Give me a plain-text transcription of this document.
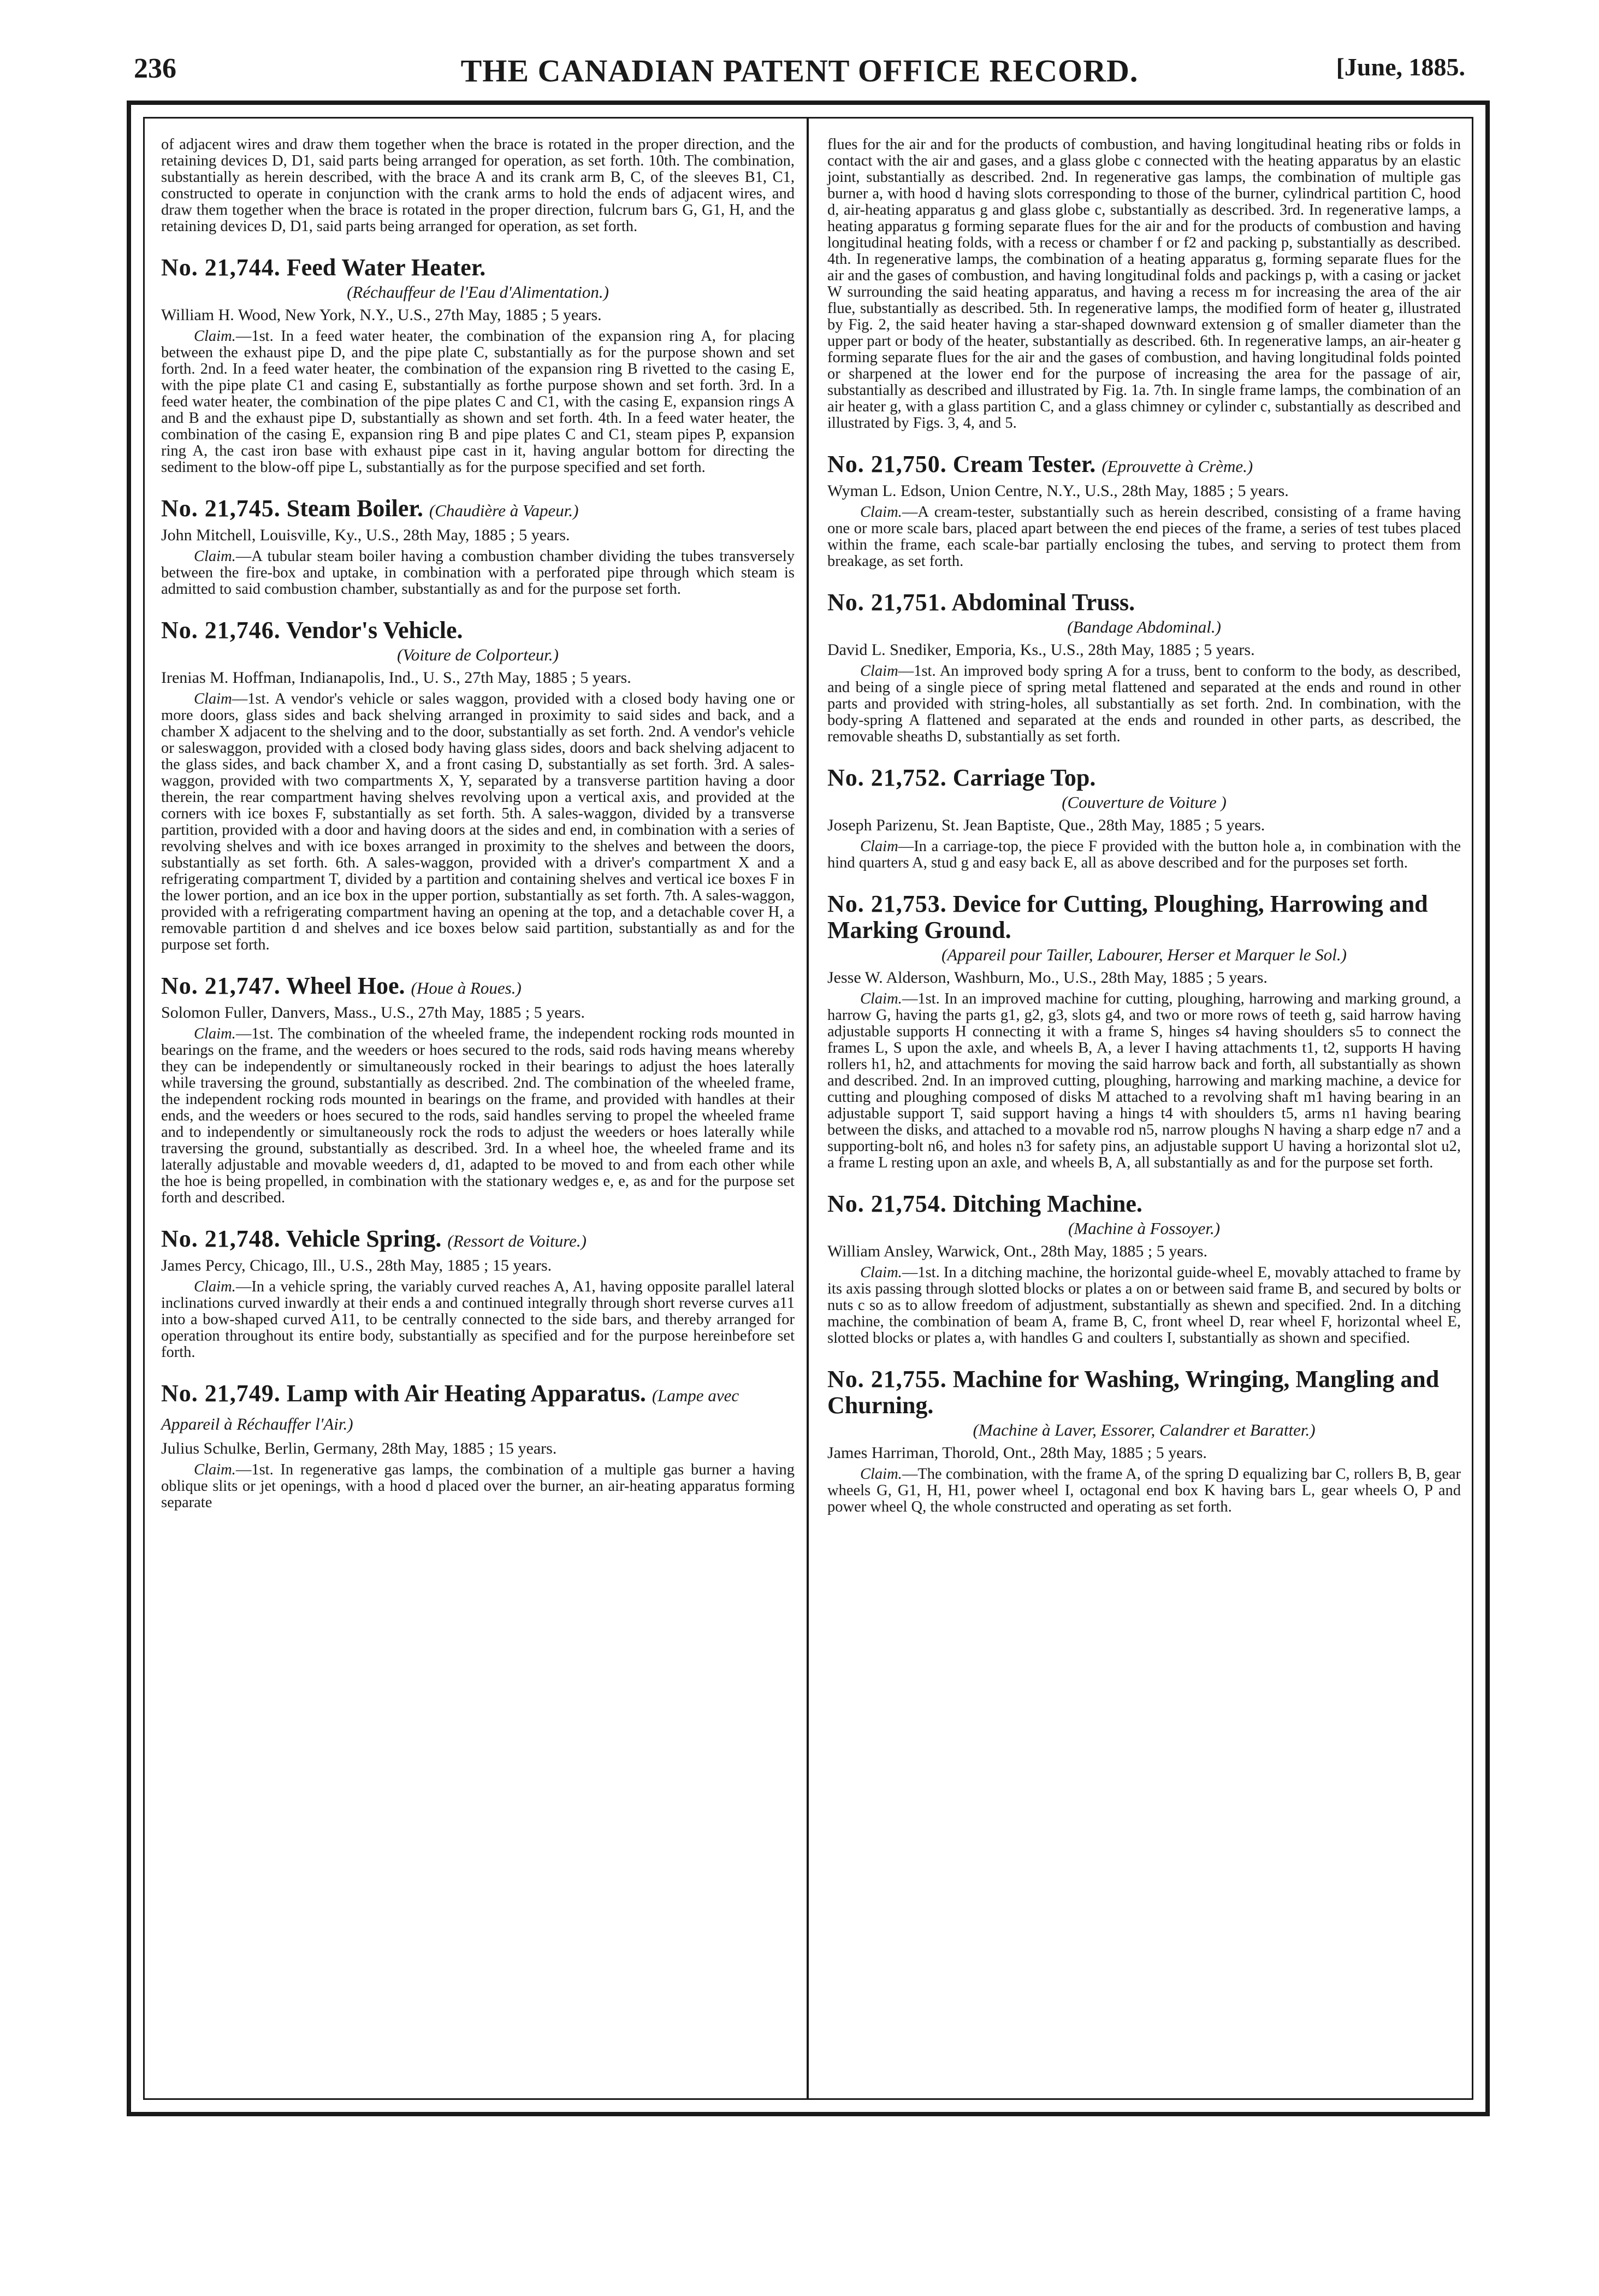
236	THE CANADIAN PATENT OFFICE RECORD.	[June, 1885.

of adjacent wires and draw them together when the brace is rotated in the proper direction, and the retaining devices D, D1, said parts being arranged for operation, as set forth. 10th. The combination, substantially as herein described, with the brace A and its crank arm B, C, of the sleeves B1, C1, constructed to operate in conjunction with the crank arms to hold the ends of adjacent wires, and draw them together when the brace is rotated in the proper direction, fulcrum bars G, G1, H, and the retaining devices D, D1, said parts being arranged for operation, as set forth.

No. 21,744. Feed Water Heater.
(Réchauffeur de l'Eau d'Alimentation.)
William H. Wood, New York, N.Y., U.S., 27th May, 1885 ; 5 years.

Claim.—1st. In a feed water heater, the combination of the expansion ring A, for placing between the exhaust pipe D, and the pipe plate C, substantially as for the purpose shown and set forth. 2nd. In a feed water heater, the combination of the expansion ring B rivetted to the casing E, with the pipe plate C1 and casing E, substantially as forthe purpose shown and set forth. 3rd. In a feed water heater, the combination of the pipe plates C and C1, with the casing E, expansion rings A and B and the exhaust pipe D, substantially as shown and set forth. 4th. In a feed water heater, the combination of the casing E, expansion ring B and pipe plates C and C1, steam pipes P, expansion ring A, the cast iron base with exhaust pipe cast in it, having angular bottom for directing the sediment to the blow-off pipe L, substantially as for the purpose specified and set forth.

No. 21,745. Steam Boiler. (Chaudière à Vapeur.)
John Mitchell, Louisville, Ky., U.S., 28th May, 1885 ; 5 years.

Claim.—A tubular steam boiler having a combustion chamber dividing the tubes transversely between the fire-box and uptake, in combination with a perforated pipe through which steam is admitted to said combustion chamber, substantially as and for the purpose set forth.

No. 21,746. Vendor's Vehicle.
(Voiture de Colporteur.)
Irenias M. Hoffman, Indianapolis, Ind., U. S., 27th May, 1885 ; 5 years.

Claim—1st. A vendor's vehicle or sales waggon, provided with a closed body having one or more doors, glass sides and back shelving arranged in proximity to said sides and back, and a chamber X adjacent to the shelving and to the door, substantially as set forth. 2nd. A vendor's vehicle or saleswaggon, provided with a closed body having glass sides, doors and back shelving adjacent to the glass sides, and back chamber X, and a front casing D, substantially as set forth. 3rd. A sales-waggon, provided with two compartments X, Y, separated by a transverse partition having a door therein, the rear compartment having shelves revolving upon a vertical axis, and provided at the corners with ice boxes F, substantially as set forth. 5th. A sales-waggon, divided by a transverse partition, provided with a door and having doors at the sides and end, in combination with a series of revolving shelves and with ice boxes arranged in proximity to the shelves and between the doors, substantially as set forth. 6th. A sales-waggon, provided with a driver's compartment X and a refrigerating compartment T, divided by a partition and containing shelves and vertical ice boxes F in the lower portion, and an ice box in the upper portion, substantially as set forth. 7th. A sales-waggon, provided with a refrigerating compartment having an opening at the top, and a detachable cover H, a removable partition d and shelves and ice boxes below said partition, substantially as and for the purpose set forth.

No. 21,747. Wheel Hoe. (Houe à Roues.)
Solomon Fuller, Danvers, Mass., U.S., 27th May, 1885 ; 5 years.

Claim.—1st. The combination of the wheeled frame, the independent rocking rods mounted in bearings on the frame, and the weeders or hoes secured to the rods, said rods having means whereby they can be independently or simultaneously rocked in their bearings to adjust the hoes laterally while traversing the ground, substantially as described. 2nd. The combination of the wheeled frame, the independent rocking rods mounted in bearings on the frame, and provided with handles at their ends, and the weeders or hoes secured to the rods, said handles serving to propel the wheeled frame and to independently or simultaneously rock the rods to adjust the weeders or hoes laterally while traversing the ground, substantially as described. 3rd. In a wheel hoe, the wheeled frame and its laterally adjustable and movable weeders d, d1, adapted to be moved to and from each other while the hoe is being propelled, in combination with the stationary wedges e, e, as and for the purpose set forth and described.

No. 21,748. Vehicle Spring. (Ressort de Voiture.)
James Percy, Chicago, Ill., U.S., 28th May, 1885 ; 15 years.

Claim.—In a vehicle spring, the variably curved reaches A, A1, having opposite parallel lateral inclinations curved inwardly at their ends a and continued integrally through short reverse curves a11 into a bow-shaped curved A11, to be centrally connected to the side bars, and thereby arranged for operation throughout its entire body, substantially as specified and for the purpose hereinbefore set forth.

No. 21,749. Lamp with Air Heating Apparatus. (Lampe avec Appareil à Réchauffer l'Air.)
Julius Schulke, Berlin, Germany, 28th May, 1885 ; 15 years.

Claim.—1st. In regenerative gas lamps, the combination of a multiple gas burner a having oblique slits or jet openings, with a hood d placed over the burner, an air-heating apparatus forming separate

flues for the air and for the products of combustion, and having longitudinal heating ribs or folds in contact with the air and gases, and a glass globe c connected with the heating apparatus by an elastic joint, substantially as described. 2nd. In regenerative gas lamps, the combination of multiple gas burner a, with hood d having slots corresponding to those of the burner, cylindrical partition C, hood d, air-heating apparatus g and glass globe c, substantially as described. 3rd. In regenerative lamps, a heating apparatus g forming separate flues for the air and for the products of combustion and having longitudinal heating folds, with a recess or chamber f or f2 and packing p, substantially as described. 4th. In regenerative lamps, the combination of a heating apparatus g, forming separate flues for the air and the gases of combustion, and having longitudinal folds and packings p, with a casing or jacket W surrounding the said heating apparatus, and having a recess m for increasing the area of the air flue, substantially as described. 5th. In regenerative lamps, the modified form of heater g, illustrated by Fig. 2, the said heater having a star-shaped downward extension g of smaller diameter than the upper part or body of the heater, substantially as described. 6th. In regenerative lamps, an air-heater g forming separate flues for the air and the gases of combustion, and having longitudinal folds pointed or sharpened at the lower end for the purpose of increasing the area for the passage of air, substantially as described and illustrated by Fig. 1a. 7th. In single frame lamps, the combination of an air heater g, with a glass partition C, and a glass chimney or cylinder c, substantially as described and illustrated by Figs. 3, 4, and 5.

No. 21,750. Cream Tester. (Eprouvette à Crème.)
Wyman L. Edson, Union Centre, N.Y., U.S., 28th May, 1885 ; 5 years.

Claim.—A cream-tester, substantially such as herein described, consisting of a frame having one or more scale bars, placed apart between the end pieces of the frame, a series of test tubes placed within the frame, each scale-bar partially enclosing the tubes, and serving to protect them from breakage, as set forth.

No. 21,751. Abdominal Truss.
(Bandage Abdominal.)
David L. Snediker, Emporia, Ks., U.S., 28th May, 1885 ; 5 years.

Claim—1st. An improved body spring A for a truss, bent to conform to the body, as described, and being of a single piece of spring metal flattened and separated at the ends and round in other parts and provided with string-holes, all substantially as set forth. 2nd. In combination, with the body-spring A flattened and separated at the ends and rounded in other parts, as described, the removable sheaths D, substantially as set forth.

No. 21,752. Carriage Top.
(Couverture de Voiture )
Joseph Parizenu, St. Jean Baptiste, Que., 28th May, 1885 ; 5 years.

Claim—In a carriage-top, the piece F provided with the button hole a, in combination with the hind quarters A, stud g and easy back E, all as above described and for the purposes set forth.

No. 21,753. Device for Cutting, Ploughing, Harrowing and Marking Ground.
(Appareil pour Tailler, Labourer, Herser et Marquer le Sol.)
Jesse W. Alderson, Washburn, Mo., U.S., 28th May, 1885 ; 5 years.

Claim.—1st. In an improved machine for cutting, ploughing, harrowing and marking ground, a harrow G, having the parts g1, g2, g3, slots g4, and two or more rows of teeth g, said harrow having adjustable supports H connecting it with a frame S, hinges s4 having shoulders s5 to connect the frames L, S upon the axle, and wheels B, A, a lever I having attachments t1, t2, supports H having rollers h1, h2, and attachments for moving the said harrow back and forth, all substantially as shown and described. 2nd. In an improved cutting, ploughing, harrowing and marking machine, a device for cutting and ploughing composed of disks M attached to a revolving shaft m1 having bearing in an adjustable support T, said support having a hings t4 with shoulders t5, arms n1 having bearing between the disks, and attached to a movable rod n5, narrow ploughs N having a sharp edge n7 and a supporting-bolt n6, and holes n3 for safety pins, an adjustable support U having a horizontal slot u2, a frame L resting upon an axle, and wheels B, A, all substantially as and for the purpose set forth.

No. 21,754. Ditching Machine.
(Machine à Fossoyer.)
William Ansley, Warwick, Ont., 28th May, 1885 ; 5 years.

Claim.—1st. In a ditching machine, the horizontal guide-wheel E, movably attached to frame by its axis passing through slotted blocks or plates a on or between said frame B, and secured by bolts or nuts c so as to allow freedom of adjustment, substantially as shewn and specified. 2nd. In a ditching machine, the combination of beam A, frame B, C, front wheel D, rear wheel F, horizontal wheel E, slotted blocks or plates a, with handles G and coulters I, substantially as shown and specified.

No. 21,755. Machine for Washing, Wringing, Mangling and Churning.
(Machine à Laver, Essorer, Calandrer et Baratter.)
James Harriman, Thorold, Ont., 28th May, 1885 ; 5 years.

Claim.—The combination, with the frame A, of the spring D equalizing bar C, rollers B, B, gear wheels G, G1, H, H1, power wheel I, octagonal end box K having bars L, gear wheels O, P and power wheel Q, the whole constructed and operating as set forth.
